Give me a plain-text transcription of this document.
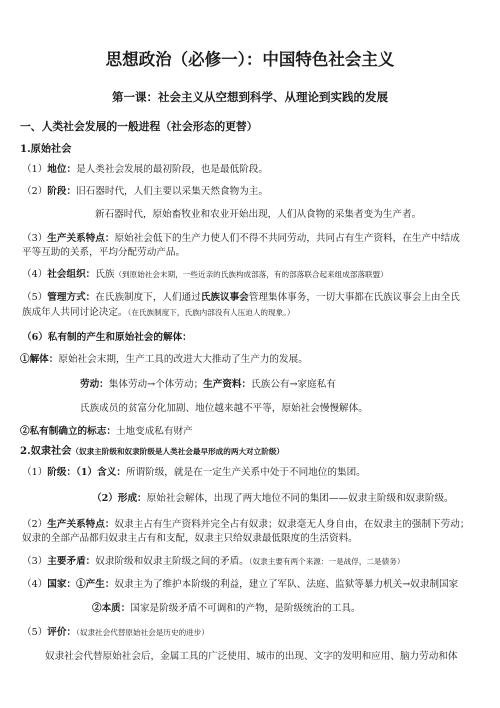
思想政治（必修一）：中国特色社会主义
第一课：社会主义从空想到科学、从理论到实践的发展
一、人类社会发展的一般进程（社会形态的更替）
1.原始社会
（1）地位：是人类社会发展的最初阶段，也是最低阶段。
（2）阶段：旧石器时代，人们主要以采集天然食物为主。
新石器时代，原始畜牧业和农业开始出现，人们从食物的采集者变为生产者。
（3）生产关系特点：原始社会低下的生产力使人们不得不共同劳动，共同占有生产资料，在生产中结成
平等互助的关系，平均分配劳动产品。
（4）社会组织：氏族（到原始社会末期，一些近亲的氏族构成部落，有的部落联合起来组成部落联盟）
（5）管理方式：在氏族制度下，人们通过氏族议事会管理集体事务，一切大事都在氏族议事会上由全氏
族成年人共同讨论决定。（在氏族制度下，氏族内部没有人压迫人的现象。）
（6）私有制的产生和原始社会的解体：
①解体：原始社会末期，生产工具的改进大大推动了生产力的发展。
劳动：集体劳动→个体劳动；生产资料：氏族公有→家庭私有
氏族成员的贫富分化加剧、地位越来越不平等，原始社会慢慢解体。
②私有制确立的标志：土地变成私有财产
2.奴隶社会（奴隶主阶级和奴隶阶级是人类社会最早形成的两大对立阶级）
（1）阶级：（1）含义：所谓阶级，就是在一定生产关系中处于不同地位的集团。
（2）形成：原始社会解体，出现了两大地位不同的集团——奴隶主阶级和奴隶阶级。
（2）生产关系特点：奴隶主占有生产资料并完全占有奴隶；奴隶毫无人身自由，在奴隶主的强制下劳动；
奴隶的全部产品都归奴隶主占有和支配，奴隶主只给奴隶最低限度的生活资料。
（3）主要矛盾：奴隶阶级和奴隶主阶级之间的矛盾。（奴隶主要有两个来源：一是战俘，二是债务）
（4）国家：①产生：奴隶主为了维护本阶级的利益，建立了军队、法庭、监狱等暴力机关→奴隶制国家
②本质：国家是阶级矛盾不可调和的产物，是阶级统治的工具。
（5）评价：（奴隶社会代替原始社会是历史的进步）
奴隶社会代替原始社会后，金属工具的广泛使用、城市的出现、文字的发明和应用、脑力劳动和体
